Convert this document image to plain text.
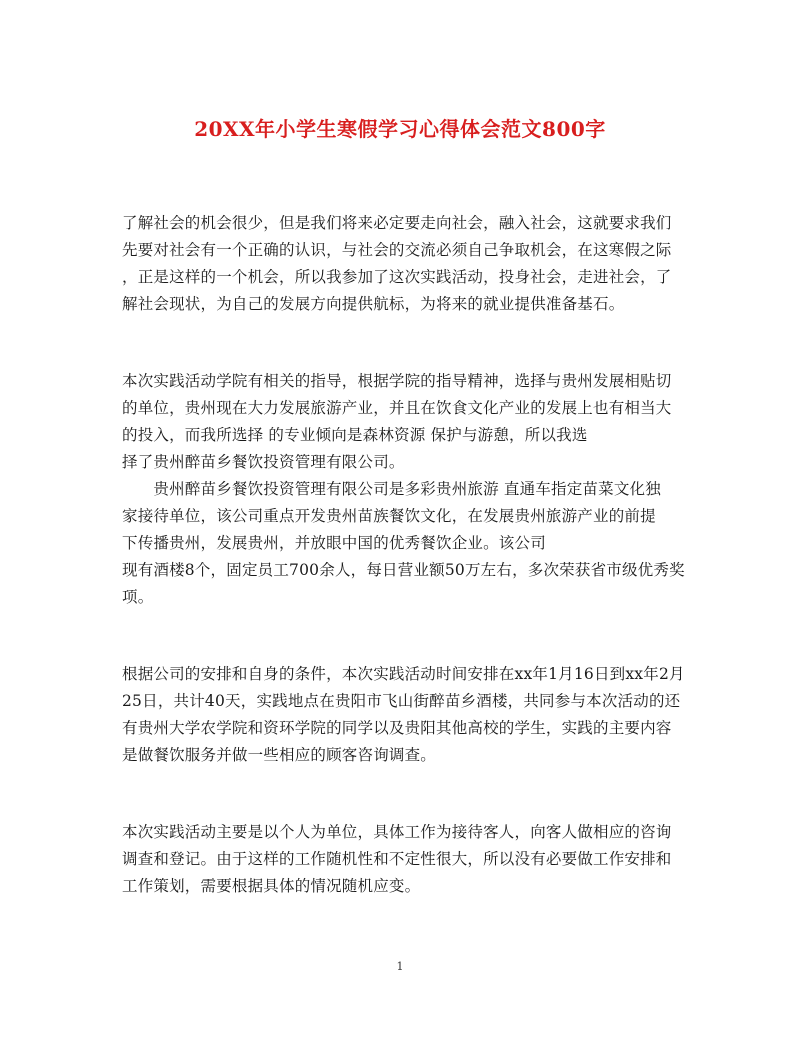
20XX年小学生寒假学习心得体会范文800字
了解社会的机会很少，但是我们将来必定要走向社会，融入社会，这就要求我们
先要对社会有一个正确的认识，与社会的交流必须自己争取机会，在这寒假之际
，正是这样的一个机会，所以我参加了这次实践活动，投身社会，走进社会，了
解社会现状，为自己的发展方向提供航标，为将来的就业提供准备基石。
本次实践活动学院有相关的指导，根据学院的指导精神，选择与贵州发展相贴切
的单位，贵州现在大力发展旅游产业，并且在饮食文化产业的发展上也有相当大
的投入，而我所选择 的专业倾向是森林资源 保护与游憩，所以我选
择了贵州醉苗乡餐饮投资管理有限公司。
　　贵州醉苗乡餐饮投资管理有限公司是多彩贵州旅游 直通车指定苗菜文化独
家接待单位，该公司重点开发贵州苗族餐饮文化，在发展贵州旅游产业的前提
下传播贵州，发展贵州，并放眼中国的优秀餐饮企业。该公司
现有酒楼8个，固定员工700余人，每日营业额50万左右，多次荣获省市级优秀奖
项。
根据公司的安排和自身的条件，本次实践活动时间安排在xx年1月16日到xx年2月
25日，共计40天，实践地点在贵阳市飞山街醉苗乡酒楼，共同参与本次活动的还
有贵州大学农学院和资环学院的同学以及贵阳其他高校的学生，实践的主要内容
是做餐饮服务并做一些相应的顾客咨询调查。
本次实践活动主要是以个人为单位，具体工作为接待客人，向客人做相应的咨询
调查和登记。由于这样的工作随机性和不定性很大，所以没有必要做工作安排和
工作策划，需要根据具体的情况随机应变。
1
